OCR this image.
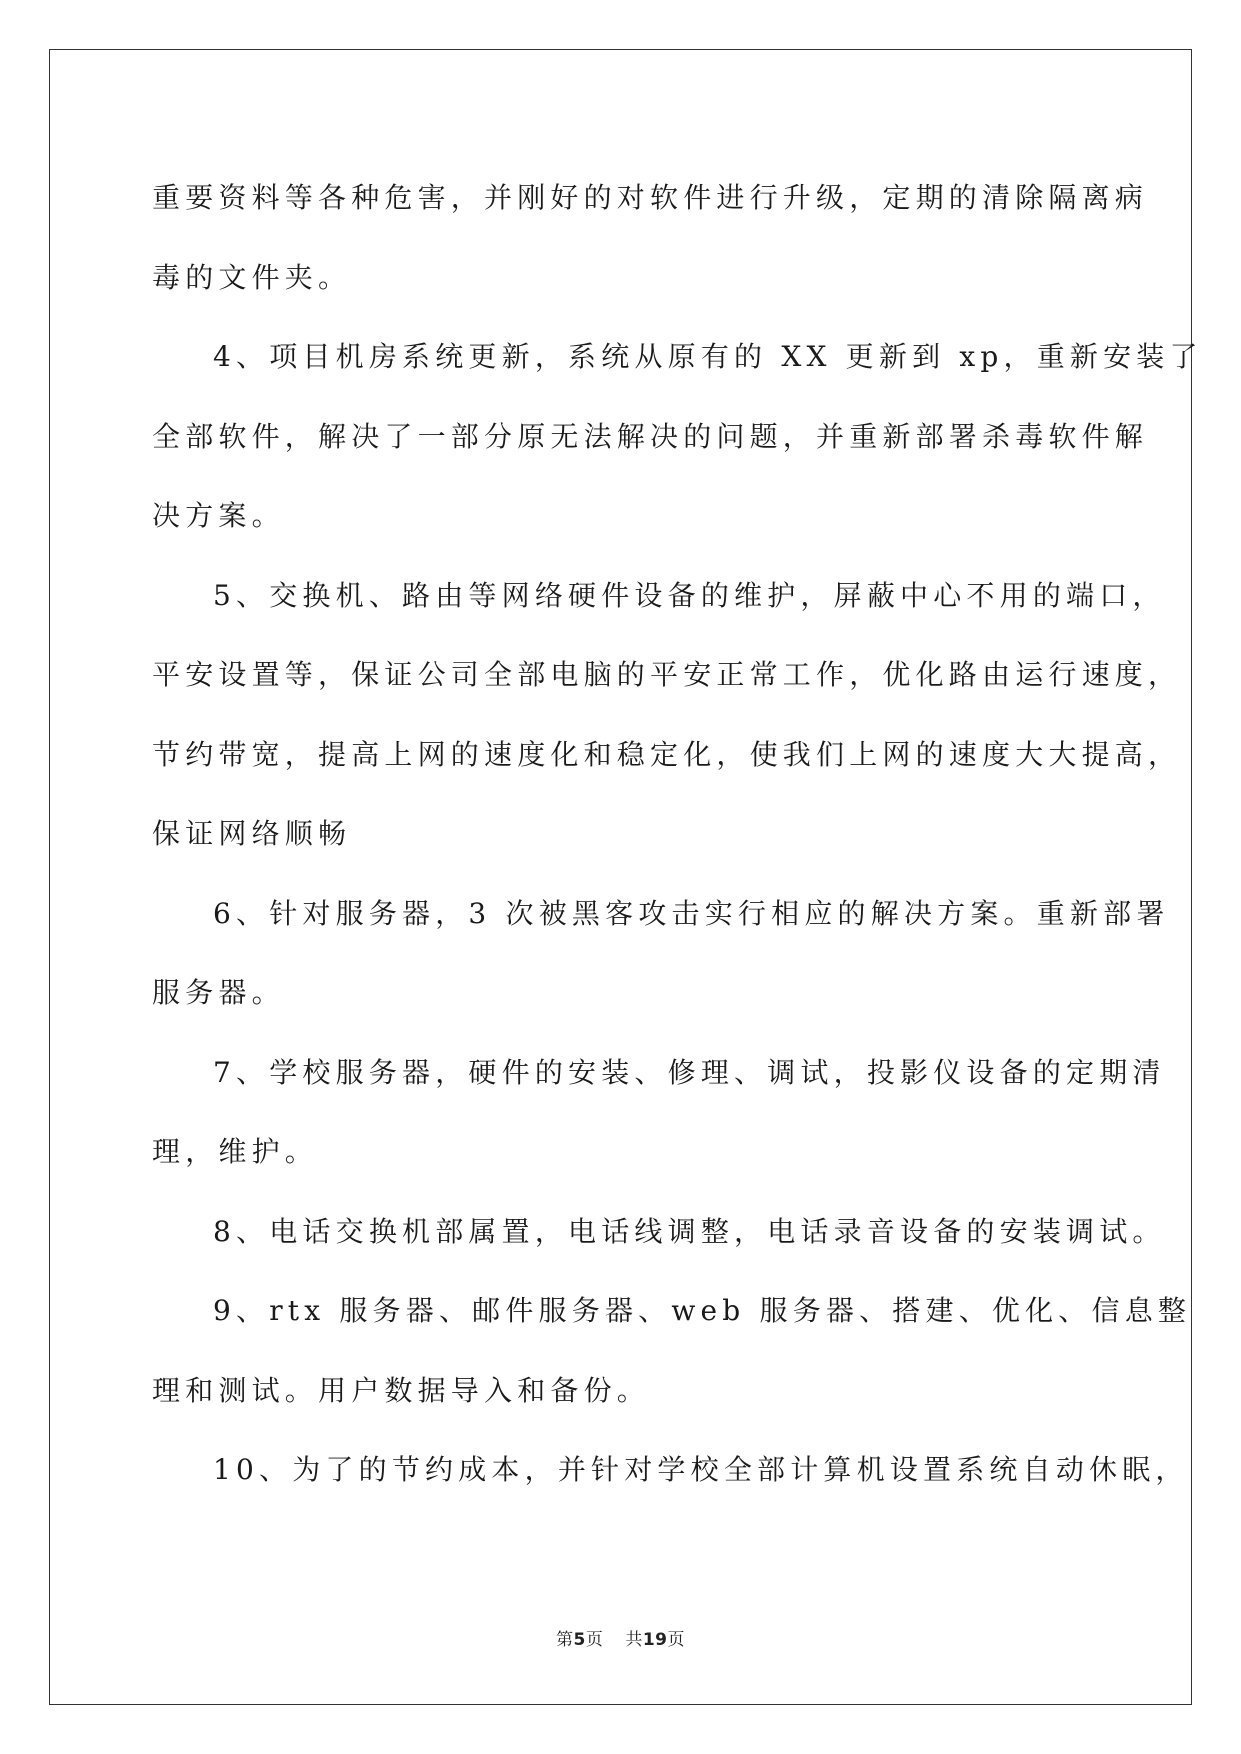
重要资料等各种危害，并刚好的对软件进行升级，定期的清除隔离病
毒的文件夹。

4、项目机房系统更新，系统从原有的 XX 更新到 xp，重新安装了
全部软件，解决了一部分原无法解决的问题，并重新部署杀毒软件解
决方案。

5、交换机、路由等网络硬件设备的维护，屏蔽中心不用的端口，
平安设置等，保证公司全部电脑的平安正常工作，优化路由运行速度，
节约带宽，提高上网的速度化和稳定化，使我们上网的速度大大提高，
保证网络顺畅

6、针对服务器，3 次被黑客攻击实行相应的解决方案。重新部署
服务器。

7、学校服务器，硬件的安装、修理、调试，投影仪设备的定期清
理，维护。

8、电话交换机部属置，电话线调整，电话录音设备的安装调试。

9、rtx 服务器、邮件服务器、web 服务器、搭建、优化、信息整
理和测试。用户数据导入和备份。

10、为了的节约成本，并针对学校全部计算机设置系统自动休眠，

第5页 共19页
